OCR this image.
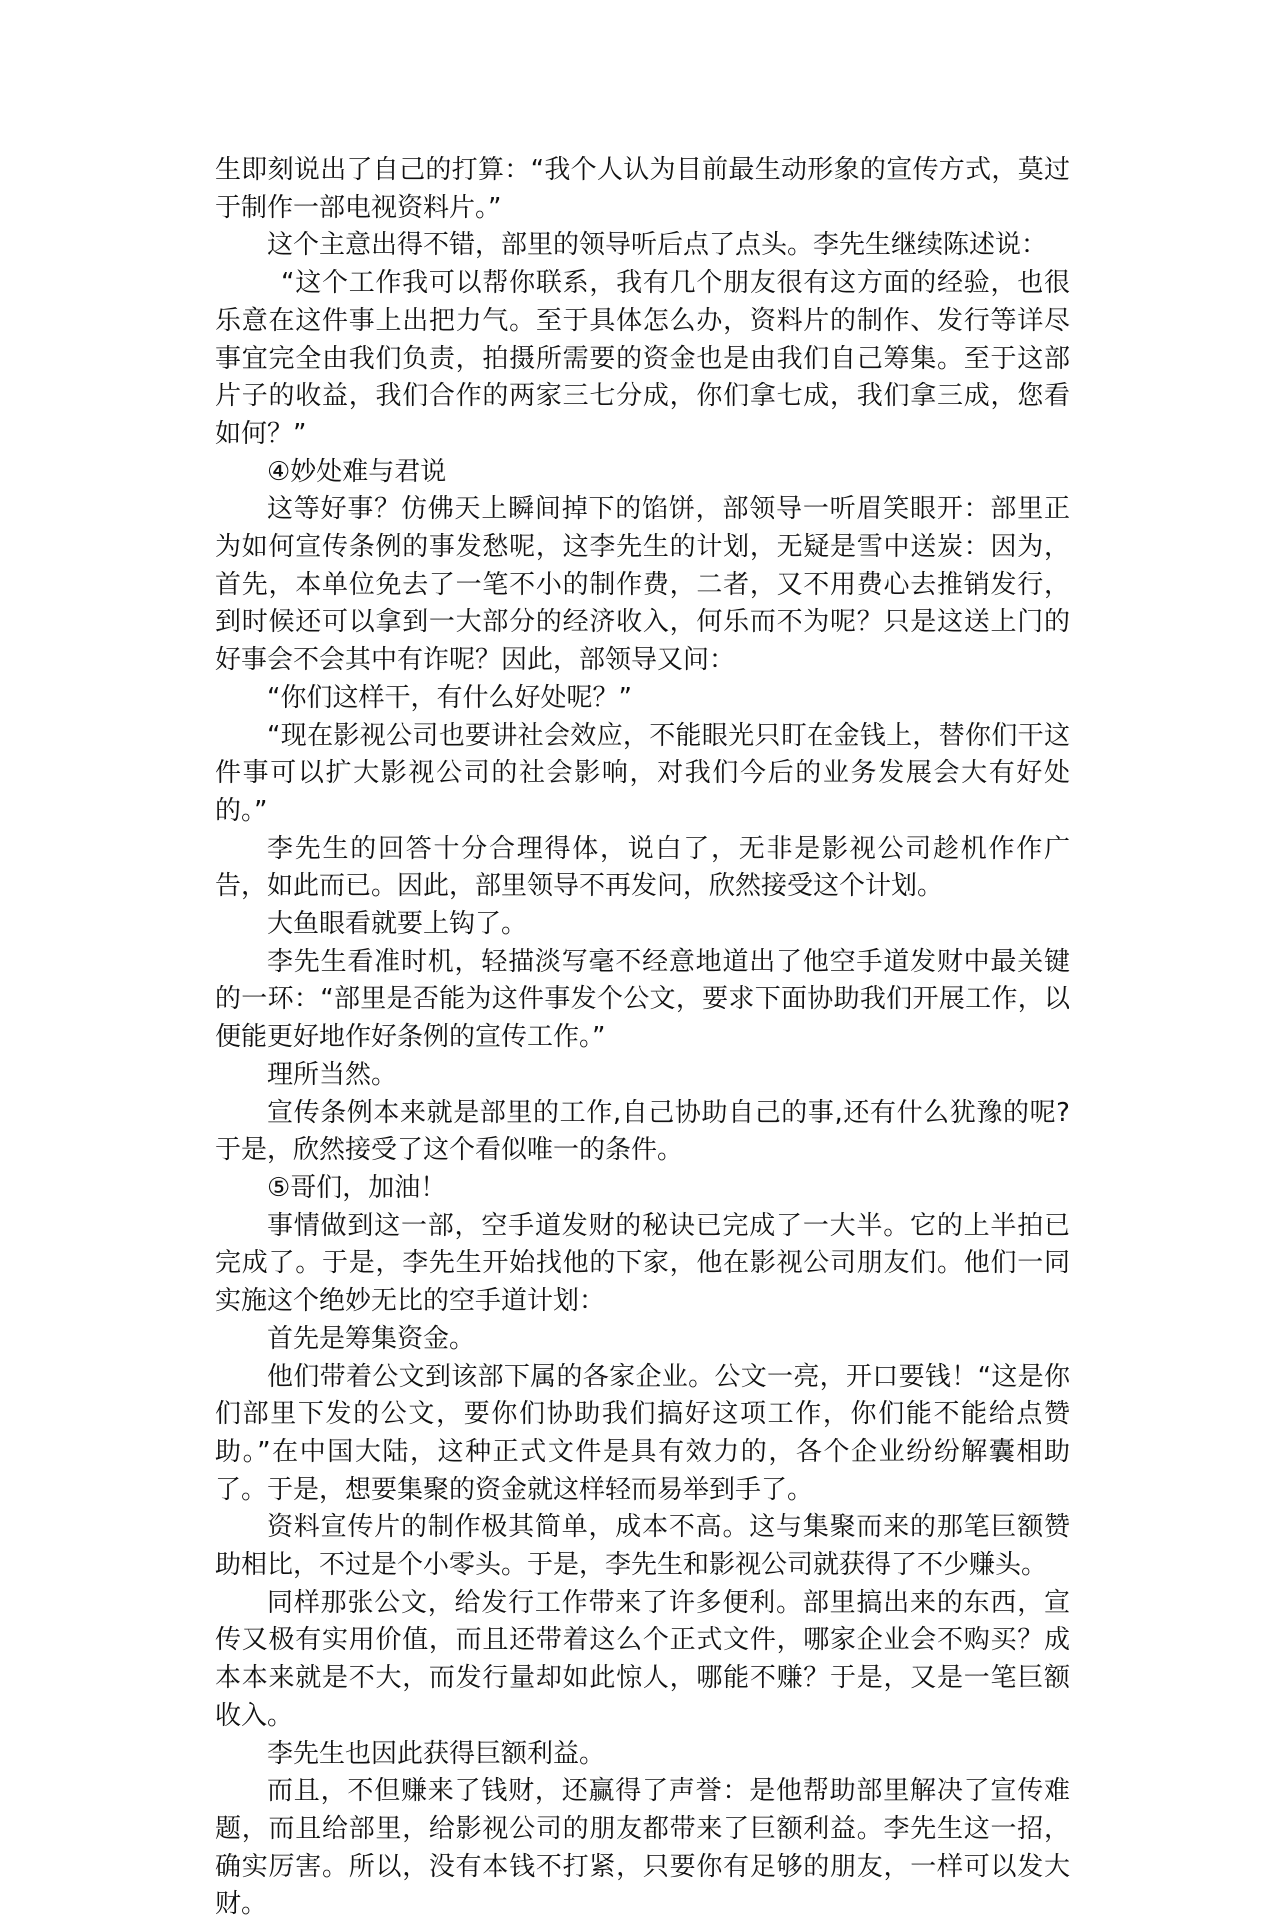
生即刻说出了自己的打算：“我个人认为目前最生动形象的宣传方式，莫过于制作一部电视资料片。”

这个主意出得不错，部里的领导听后点了点头。李先生继续陈述说：

“这个工作我可以帮你联系，我有几个朋友很有这方面的经验，也很乐意在这件事上出把力气。至于具体怎么办，资料片的制作、发行等详尽事宜完全由我们负责，拍摄所需要的资金也是由我们自己筹集。至于这部片子的收益，我们合作的两家三七分成，你们拿七成，我们拿三成，您看如何？”

④妙处难与君说

这等好事？仿佛天上瞬间掉下的馅饼，部领导一听眉笑眼开：部里正为如何宣传条例的事发愁呢，这李先生的计划，无疑是雪中送炭：因为，首先，本单位免去了一笔不小的制作费，二者，又不用费心去推销发行，到时候还可以拿到一大部分的经济收入，何乐而不为呢？只是这送上门的好事会不会其中有诈呢？因此，部领导又问：

“你们这样干，有什么好处呢？”

“现在影视公司也要讲社会效应，不能眼光只盯在金钱上，替你们干这件事可以扩大影视公司的社会影响，对我们今后的业务发展会大有好处的。”

李先生的回答十分合理得体，说白了，无非是影视公司趁机作作广告，如此而已。因此，部里领导不再发问，欣然接受这个计划。

大鱼眼看就要上钩了。

李先生看准时机，轻描淡写毫不经意地道出了他空手道发财中最关键的一环：“部里是否能为这件事发个公文，要求下面协助我们开展工作，以便能更好地作好条例的宣传工作。”

理所当然。

宣传条例本来就是部里的工作,自己协助自己的事,还有什么犹豫的呢?于是，欣然接受了这个看似唯一的条件。

⑤哥们，加油！

事情做到这一部，空手道发财的秘诀已完成了一大半。它的上半拍已完成了。于是，李先生开始找他的下家，他在影视公司朋友们。他们一同实施这个绝妙无比的空手道计划：

首先是筹集资金。

他们带着公文到该部下属的各家企业。公文一亮，开口要钱！“这是你们部里下发的公文，要你们协助我们搞好这项工作，你们能不能给点赞助。”在中国大陆，这种正式文件是具有效力的，各个企业纷纷解囊相助了。于是，想要集聚的资金就这样轻而易举到手了。

资料宣传片的制作极其简单，成本不高。这与集聚而来的那笔巨额赞助相比，不过是个小零头。于是，李先生和影视公司就获得了不少赚头。

同样那张公文，给发行工作带来了许多便利。部里搞出来的东西，宣传又极有实用价值，而且还带着这么个正式文件，哪家企业会不购买？成本本来就是不大，而发行量却如此惊人，哪能不赚？于是，又是一笔巨额收入。

李先生也因此获得巨额利益。

而且，不但赚来了钱财，还赢得了声誉：是他帮助部里解决了宣传难题，而且给部里，给影视公司的朋友都带来了巨额利益。李先生这一招，确实厉害。所以，没有本钱不打紧，只要你有足够的朋友，一样可以发大财。
